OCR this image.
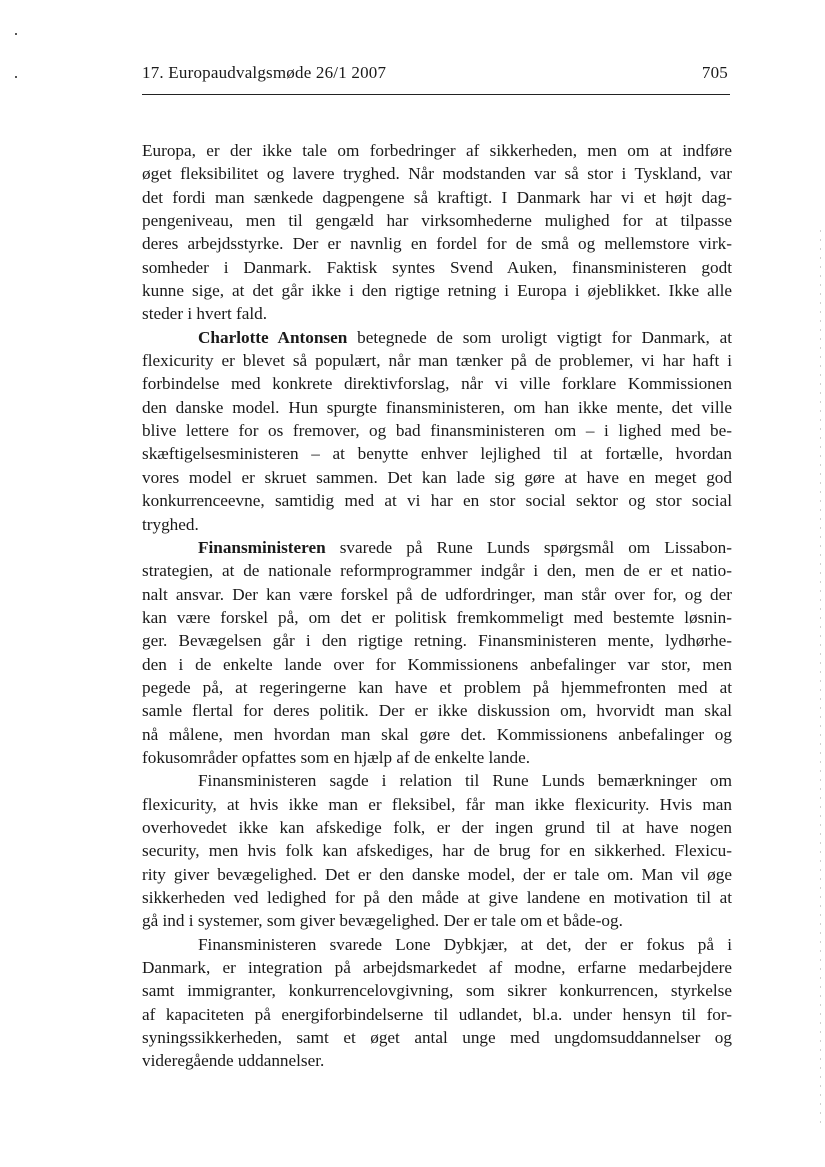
17. Europaudvalgsmøde 26/1 2007	705

Europa, er der ikke tale om forbedringer af sikkerheden, men om at indføre
øget fleksibilitet og lavere tryghed. Når modstanden var så stor i Tyskland, var
det fordi man sænkede dagpengene så kraftigt. I Danmark har vi et højt dag-
pengeniveau, men til gengæld har virksomhederne mulighed for at tilpasse
deres arbejdsstyrke. Der er navnlig en fordel for de små og mellemstore virk-
somheder i Danmark. Faktisk syntes Svend Auken, finansministeren godt
kunne sige, at det går ikke i den rigtige retning i Europa i øjeblikket. Ikke alle
steder i hvert fald.

Charlotte Antonsen betegnede de som uroligt vigtigt for Danmark, at

flexicurity er blevet så populært, når man tænker på de problemer, vi har haft i
forbindelse med konkrete direktivforslag, når vi ville forklare Kommissionen
den danske model. Hun spurgte finansministeren, om han ikke mente, det ville
blive lettere for os fremover, og bad finansministeren om – i lighed med be-
skæftigelsesministeren – at benytte enhver lejlighed til at fortælle, hvordan
vores model er skruet sammen. Det kan lade sig gøre at have en meget god
konkurrenceevne, samtidig med at vi har en stor social sektor og stor social
tryghed.

Finansministeren svarede på Rune Lunds spørgsmål om Lissabon-

strategien, at de nationale reformprogrammer indgår i den, men de er et natio-
nalt ansvar. Der kan være forskel på de udfordringer, man står over for, og der
kan være forskel på, om det er politisk fremkommeligt med bestemte løsnin-
ger. Bevægelsen går i den rigtige retning. Finansministeren mente, lydhørhe-
den i de enkelte lande over for Kommissionens anbefalinger var stor, men
pegede på, at regeringerne kan have et problem på hjemmefronten med at
samle flertal for deres politik. Der er ikke diskussion om, hvorvidt man skal
nå målene, men hvordan man skal gøre det. Kommissionens anbefalinger og
fokusområder opfattes som en hjælp af de enkelte lande.

Finansministeren sagde i relation til Rune Lunds bemærkninger om

flexicurity, at hvis ikke man er fleksibel, får man ikke flexicurity. Hvis man
overhovedet ikke kan afskedige folk, er der ingen grund til at have nogen
security, men hvis folk kan afskediges, har de brug for en sikkerhed. Flexicu-
rity giver bevægelighed. Det er den danske model, der er tale om. Man vil øge
sikkerheden ved ledighed for på den måde at give landene en motivation til at
gå ind i systemer, som giver bevægelighed. Der er tale om et både-og.

Finansministeren svarede Lone Dybkjær, at det, der er fokus på i

Danmark, er integration på arbejdsmarkedet af modne, erfarne medarbejdere
samt immigranter, konkurrencelovgivning, som sikrer konkurrencen, styrkelse
af kapaciteten på energiforbindelserne til udlandet, bl.a. under hensyn til for-
syningssikkerheden, samt et øget antal unge med ungdomsuddannelser og
videregående uddannelser.
